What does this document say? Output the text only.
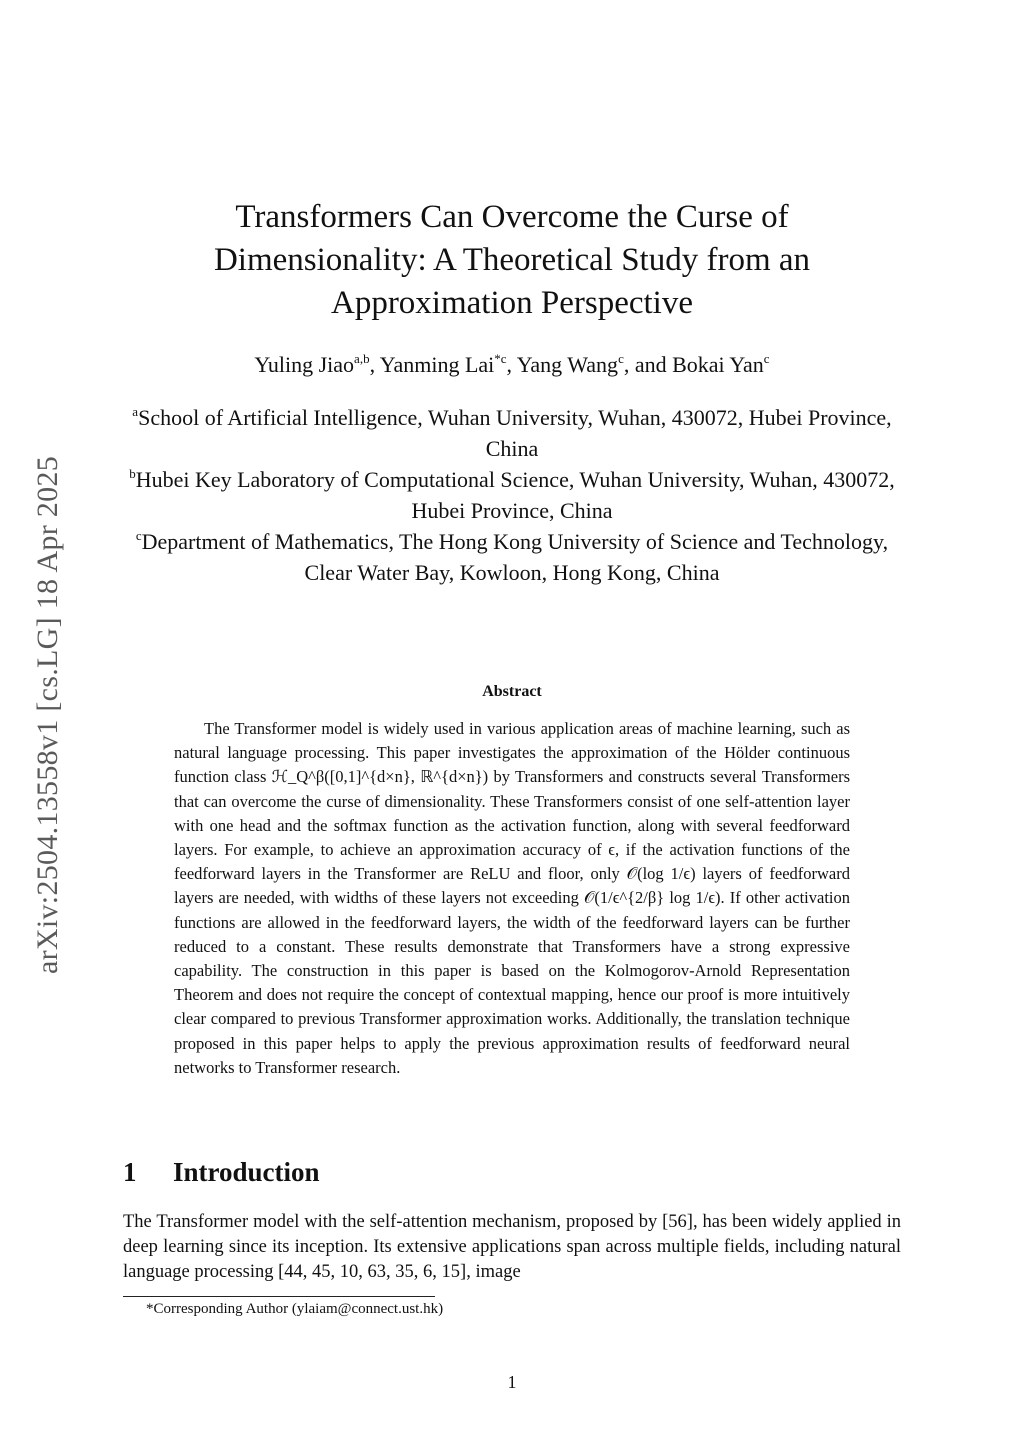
arXiv:2504.13558v1 [cs.LG] 18 Apr 2025
Transformers Can Overcome the Curse of Dimensionality: A Theoretical Study from an Approximation Perspective
Yuling Jiao$^{a,b}$, Yanming Lai$^{*c}$, Yang Wang$^c$, and Bokai Yan$^c$

$^a$School of Artificial Intelligence, Wuhan University, Wuhan, 430072, Hubei Province, China

$^b$Hubei Key Laboratory of Computational Science, Wuhan University, Wuhan, 430072, Hubei Province, China

$^c$Department of Mathematics, The Hong Kong University of Science and Technology, Clear Water Bay, Kowloon, Hong Kong, China

Abstract

The Transformer model is widely used in various application areas of machine learning, such as natural language processing. This paper investigates the approximation of the Hölder continuous function class ℋ_Q^β([0,1]^{d×n}, ℝ^{d×n}) by Transformers and constructs several Transformers that can overcome the curse of dimensionality. These Transformers consist of one self-attention layer with one head and the softmax function as the activation function, along with several feedforward layers. For example, to achieve an approximation accuracy of ϵ, if the activation functions of the feedforward layers in the Transformer are ReLU and floor, only 𝒪(log 1/ϵ) layers of feedforward layers are needed, with widths of these layers not exceeding 𝒪(1/ϵ^{2/β} log 1/ϵ). If other activation functions are allowed in the feedforward layers, the width of the feedforward layers can be further reduced to a constant. These results demonstrate that Transformers have a strong expressive capability. The construction in this paper is based on the Kolmogorov-Arnold Representation Theorem and does not require the concept of contextual mapping, hence our proof is more intuitively clear compared to previous Transformer approximation works. Additionally, the translation technique proposed in this paper helps to apply the previous approximation results of feedforward neural networks to Transformer research.

1 Introduction

The Transformer model with the self-attention mechanism, proposed by [56], has been widely applied in deep learning since its inception. Its extensive applications span across multiple fields, including natural language processing [44, 45, 10, 63, 35, 6, 15], image

*Corresponding Author (ylaiam@connect.ust.hk)
1
